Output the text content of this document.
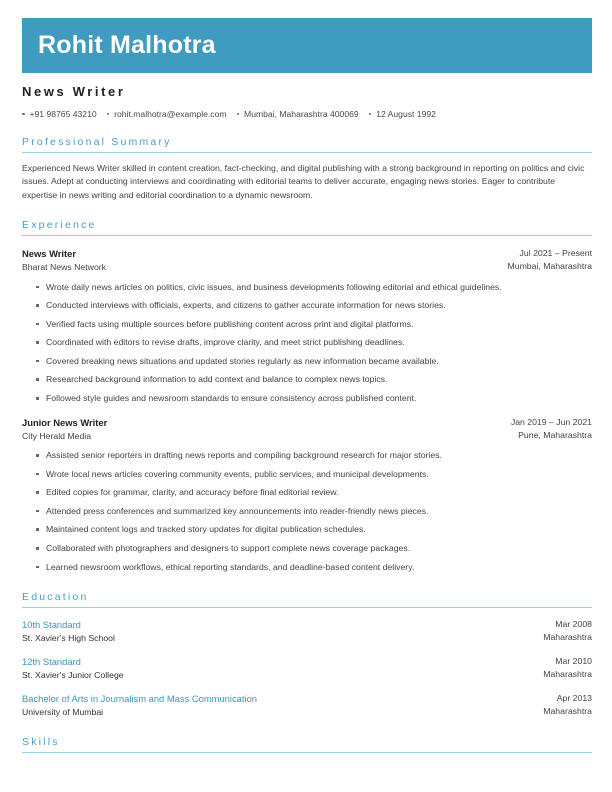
Rohit Malhotra
News Writer
+91 98765 43210 rohit.malhotra@example.com Mumbai, Maharashtra 400069 12 August 1992
Professional Summary
Experienced News Writer skilled in content creation, fact-checking, and digital publishing with a strong background in reporting on politics and civic issues. Adept at conducting interviews and coordinating with editorial teams to deliver accurate, engaging news stories. Eager to contribute expertise in news writing and editorial coordination to a dynamic newsroom.
Experience
News Writer
Bharat News Network
Jul 2021 – Present
Mumbai, Maharashtra
Wrote daily news articles on politics, civic issues, and business developments following editorial and ethical guidelines.
Conducted interviews with officials, experts, and citizens to gather accurate information for news stories.
Verified facts using multiple sources before publishing content across print and digital platforms.
Coordinated with editors to revise drafts, improve clarity, and meet strict publishing deadlines.
Covered breaking news situations and updated stories regularly as new information became available.
Researched background information to add context and balance to complex news topics.
Followed style guides and newsroom standards to ensure consistency across published content.
Junior News Writer
City Herald Media
Jan 2019 – Jun 2021
Pune, Maharashtra
Assisted senior reporters in drafting news reports and compiling background research for major stories.
Wrote local news articles covering community events, public services, and municipal developments.
Edited copies for grammar, clarity, and accuracy before final editorial review.
Attended press conferences and summarized key announcements into reader-friendly news pieces.
Maintained content logs and tracked story updates for digital publication schedules.
Collaborated with photographers and designers to support complete news coverage packages.
Learned newsroom workflows, ethical reporting standards, and deadline-based content delivery.
Education
10th Standard
St. Xavier's High School
Mar 2008
Maharashtra
12th Standard
St. Xavier's Junior College
Mar 2010
Maharashtra
Bachelor of Arts in Journalism and Mass Communication
University of Mumbai
Apr 2013
Maharashtra
Skills
